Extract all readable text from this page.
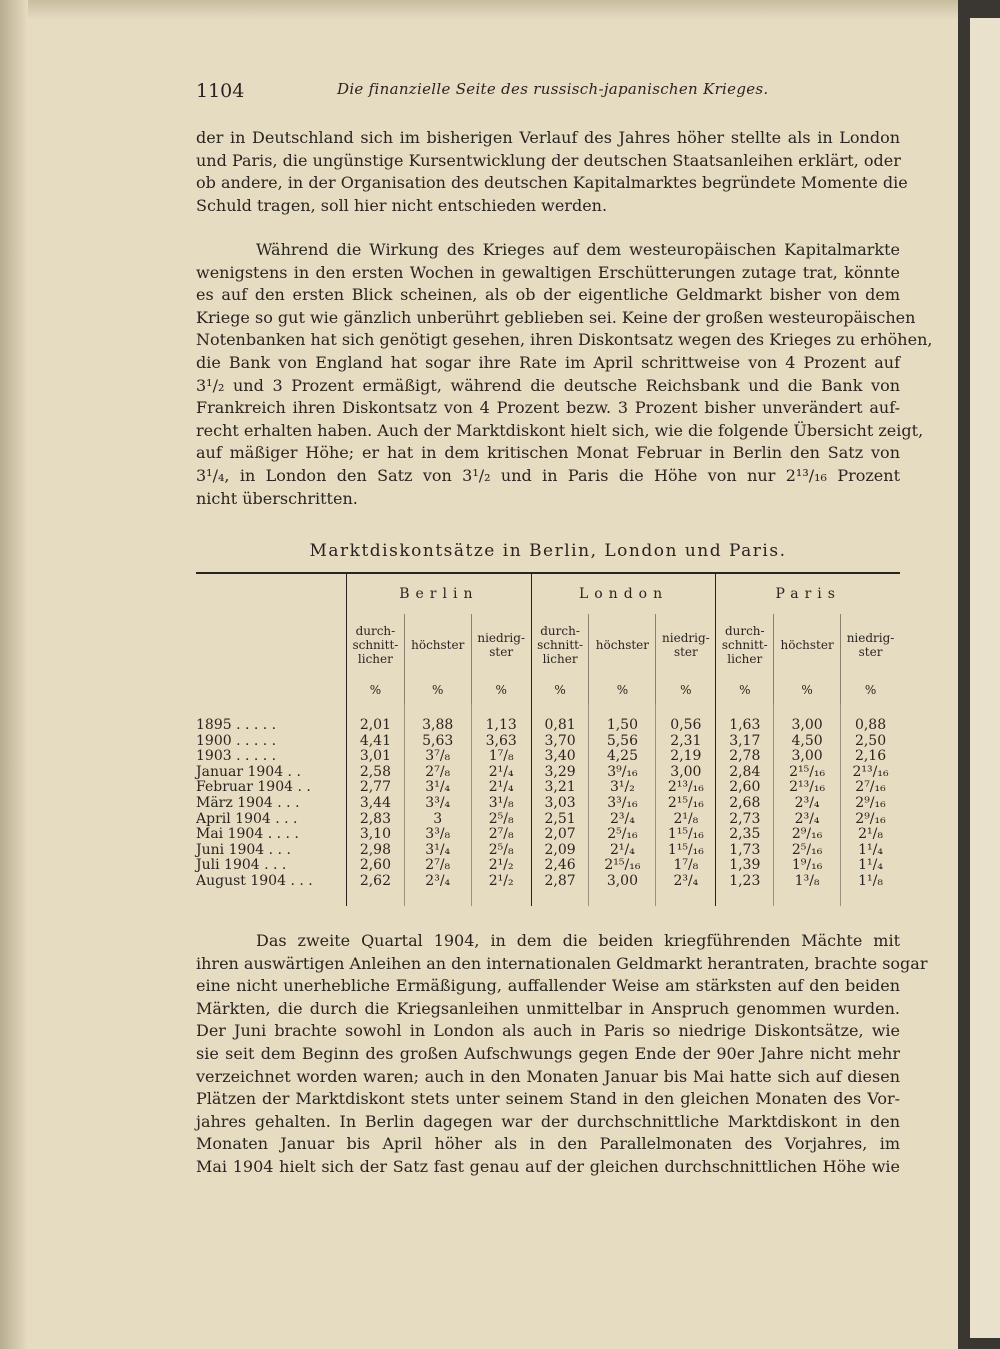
1104	Die finanzielle Seite des russisch-japanischen Krieges.
der in Deutschland sich im bisherigen Verlauf des Jahres höher stellte als in London
und Paris, die ungünstige Kursentwicklung der deutschen Staatsanleihen erklärt, oder
ob andere, in der Organisation des deutschen Kapitalmarktes begründete Momente die
Schuld tragen, soll hier nicht entschieden werden.
Während die Wirkung des Krieges auf dem westeuropäischen Kapitalmarkte
wenigstens in den ersten Wochen in gewaltigen Erschütterungen zutage trat, könnte
es auf den ersten Blick scheinen, als ob der eigentliche Geldmarkt bisher von dem
Kriege so gut wie gänzlich unberührt geblieben sei. Keine der großen westeuropäischen
Notenbanken hat sich genötigt gesehen, ihren Diskontsatz wegen des Krieges zu erhöhen,
die Bank von England hat sogar ihre Rate im April schrittweise von 4 Prozent auf
3¹/₂ und 3 Prozent ermäßigt, während die deutsche Reichsbank und die Bank von
Frankreich ihren Diskontsatz von 4 Prozent bezw. 3 Prozent bisher unverändert auf-
recht erhalten haben. Auch der Marktdiskont hielt sich, wie die folgende Übersicht zeigt,
auf mäßiger Höhe; er hat in dem kritischen Monat Februar in Berlin den Satz von
3¹/₄, in London den Satz von 3¹/₂ und in Paris die Höhe von nur 2¹³/₁₆ Prozent
nicht überschritten.
Marktdiskontsätze in Berlin, London und Paris.
	Berlin			London			Paris		
	durch-
schnitt-
licher	höchster	niedrig-
ster	durch-
schnitt-
licher	höchster	niedrig-
ster	durch-
schnitt-
licher	höchster	niedrig-
ster
	%	%	%	%	%	%	%	%	%

1895 . . . . .	2,01	3,88	1,13	0,81	1,50	0,56	1,63	3,00	0,88
1900 . . . . .	4,41	5,63	3,63	3,70	5,56	2,31	3,17	4,50	2,50
1903 . . . . .	3,01	3⁷/₈	1⁷/₈	3,40	4,25	2,19	2,78	3,00	2,16
Januar 1904 . .	2,58	2⁷/₈	2¹/₄	3,29	3⁹/₁₆	3,00	2,84	2¹⁵/₁₆	2¹³/₁₆
Februar 1904 . .	2,77	3¹/₄	2¹/₄	3,21	3¹/₂	2¹³/₁₆	2,60	2¹³/₁₆	2⁷/₁₆
März 1904 . . .	3,44	3³/₄	3¹/₈	3,03	3³/₁₆	2¹⁵/₁₆	2,68	2³/₄	2⁹/₁₆
April 1904 . . .	2,83	3	2⁵/₈	2,51	2³/₄	2¹/₈	2,73	2³/₄	2⁹/₁₆
Mai 1904 . . . .	3,10	3³/₈	2⁷/₈	2,07	2⁵/₁₆	1¹⁵/₁₆	2,35	2⁹/₁₆	2¹/₈
Juni 1904 . . .	2,98	3¹/₄	2⁵/₈	2,09	2¹/₄	1¹⁵/₁₆	1,73	2⁵/₁₆	1¹/₄
Juli 1904 . . .	2,60	2⁷/₈	2¹/₂	2,46	2¹⁵/₁₆	1⁷/₈	1,39	1⁹/₁₆	1¹/₄
August 1904 . . .	2,62	2³/₄	2¹/₂	2,87	3,00	2³/₄	1,23	1³/₈	1¹/₈

Das zweite Quartal 1904, in dem die beiden kriegführenden Mächte mit
ihren auswärtigen Anleihen an den internationalen Geldmarkt herantraten, brachte sogar
eine nicht unerhebliche Ermäßigung, auffallender Weise am stärksten auf den beiden
Märkten, die durch die Kriegsanleihen unmittelbar in Anspruch genommen wurden.
Der Juni brachte sowohl in London als auch in Paris so niedrige Diskontsätze, wie
sie seit dem Beginn des großen Aufschwungs gegen Ende der 90er Jahre nicht mehr
verzeichnet worden waren; auch in den Monaten Januar bis Mai hatte sich auf diesen
Plätzen der Marktdiskont stets unter seinem Stand in den gleichen Monaten des Vor-
jahres gehalten. In Berlin dagegen war der durchschnittliche Marktdiskont in den
Monaten Januar bis April höher als in den Parallelmonaten des Vorjahres, im
Mai 1904 hielt sich der Satz fast genau auf der gleichen durchschnittlichen Höhe wie
